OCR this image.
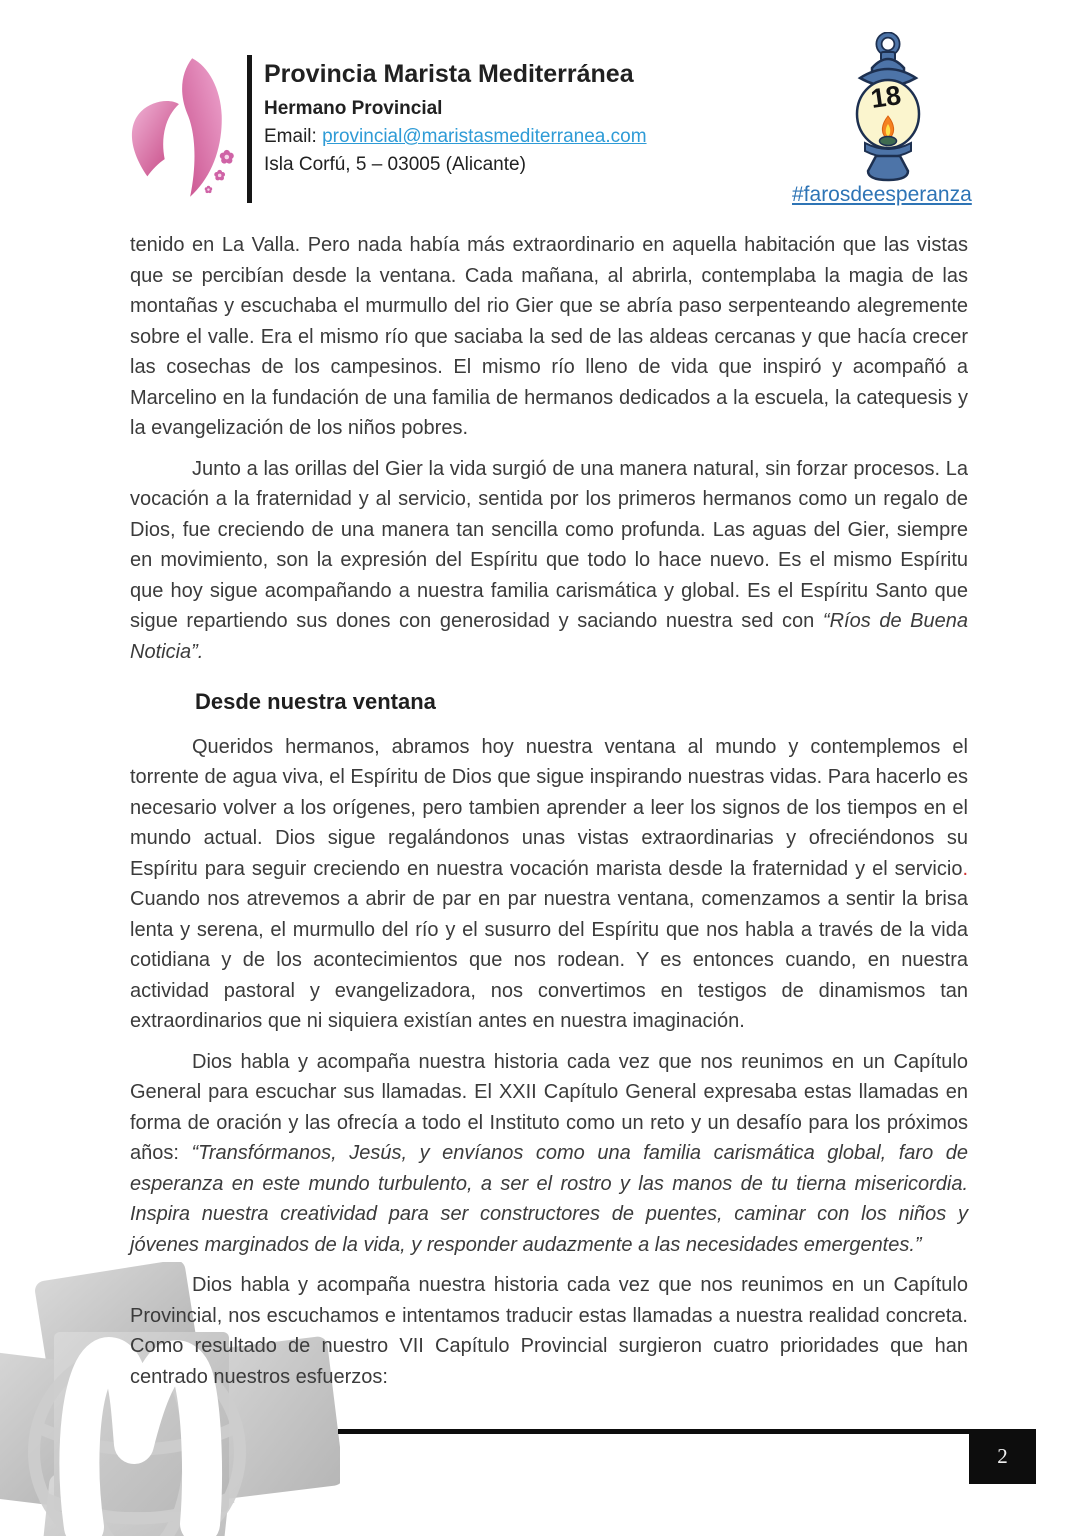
Provincia Marista Mediterránea
Hermano Provincial
Email: provincial@maristasmediterranea.com
Isla Corfú, 5 – 03005 (Alicante)
18
#farosdeesperanza

tenido en La Valla. Pero nada había más extraordinario en aquella habitación que las vistas que se percibían desde la ventana. Cada mañana, al abrirla, contemplaba la magia de las montañas y escuchaba el murmullo del rio Gier que se abría paso serpenteando alegremente sobre el valle. Era el mismo río que saciaba la sed de las aldeas cercanas y que hacía crecer las cosechas de los campesinos. El mismo río lleno de vida que inspiró y acompañó a Marcelino en la fundación de una familia de hermanos dedicados a la escuela, la catequesis y la evangelización de los niños pobres.

Junto a las orillas del Gier la vida surgió de una manera natural, sin forzar procesos. La vocación a la fraternidad y al servicio, sentida por los primeros hermanos como un regalo de Dios, fue creciendo de una manera tan sencilla como profunda. Las aguas del Gier, siempre en movimiento, son la expresión del Espíritu que todo lo hace nuevo. Es el mismo Espíritu que hoy sigue acompañando a nuestra familia carismática y global. Es el Espíritu Santo que sigue repartiendo sus dones con generosidad y saciando nuestra sed con “Ríos de Buena Noticia”.

Desde nuestra ventana

Queridos hermanos, abramos hoy nuestra ventana al mundo y contemplemos el torrente de agua viva, el Espíritu de Dios que sigue inspirando nuestras vidas. Para hacerlo es necesario volver a los orígenes, pero tambien aprender a leer los signos de los tiempos en el mundo actual. Dios sigue regalándonos unas vistas extraordinarias y ofreciéndonos su Espíritu para seguir creciendo en nuestra vocación marista desde la fraternidad y el servicio. Cuando nos atrevemos a abrir de par en par nuestra ventana, comenzamos a sentir la brisa lenta y serena, el murmullo del río y el susurro del Espíritu que nos habla a través de la vida cotidiana y de los acontecimientos que nos rodean. Y es entonces cuando, en nuestra actividad pastoral y evangelizadora, nos convertimos en testigos de dinamismos tan extraordinarios que ni siquiera existían antes en nuestra imaginación.

Dios habla y acompaña nuestra historia cada vez que nos reunimos en un Capítulo General para escuchar sus llamadas. El XXII Capítulo General expresaba estas llamadas en forma de oración y las ofrecía a todo el Instituto como un reto y un desafío para los próximos años: “Transfórmanos, Jesús, y envíanos como una familia carismática global, faro de esperanza en este mundo turbulento, a ser el rostro y las manos de tu tierna misericordia. Inspira nuestra creatividad para ser constructores de puentes, caminar con los niños y jóvenes marginados de la vida, y responder audazmente a las necesidades emergentes.”

Dios habla y acompaña nuestra historia cada vez que nos reunimos en un Capítulo Provincial, nos escuchamos e intentamos traducir estas llamadas a nuestra realidad concreta. Como resultado de nuestro VII Capítulo Provincial surgieron cuatro prioridades que han centrado nuestros esfuerzos:

2
